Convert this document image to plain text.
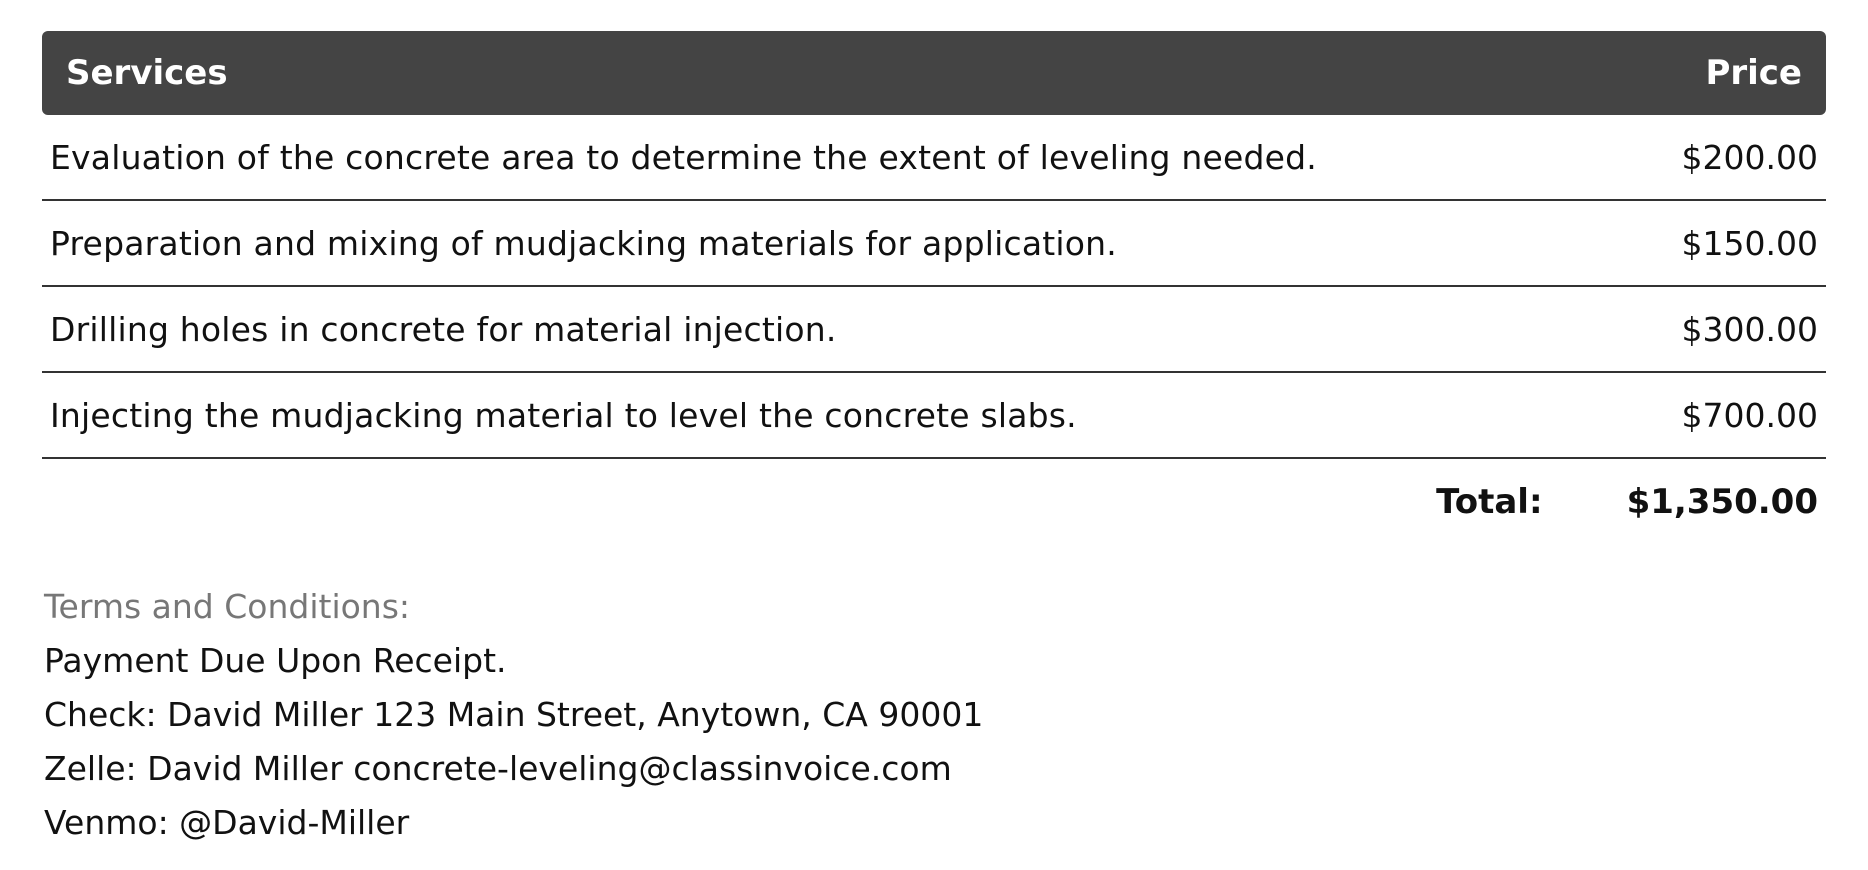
Services	Price
Evaluation of the concrete area to determine the extent of leveling needed.	$200.00
Preparation and mixing of mudjacking materials for application.	$150.00
Drilling holes in concrete for material injection.	$300.00
Injecting the mudjacking material to level the concrete slabs.	$700.00
Total: $1,350.00
Terms and Conditions:
Payment Due Upon Receipt.
Check: David Miller 123 Main Street, Anytown, CA 90001
Zelle: David Miller concrete-leveling@classinvoice.com
Venmo: @David-Miller
